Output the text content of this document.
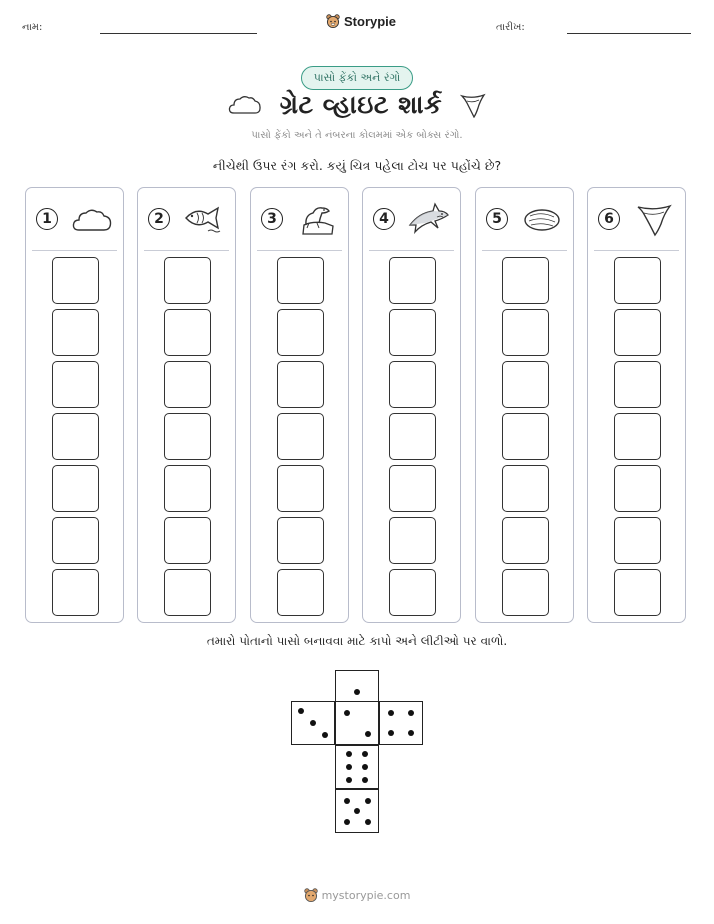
નામ:	Storypie	તારીખ:
પાસો ફેંકો અને રંગો
ગ્રેટ વ્હાઇટ શાર્ક
પાસો ફેંકો અને તે નંબરના કોલમમાં એક બોક્સ રંગો.
નીચેથી ઉપર રંગ કરો. કયું ચિત્ર પહેલા ટોચ પર પહોંચે છે?
1	2	3	4	5	6
તમારો પોતાનો પાસો બનાવવા માટે કાપો અને લીટીઓ પર વાળો.
mystorypie.com
